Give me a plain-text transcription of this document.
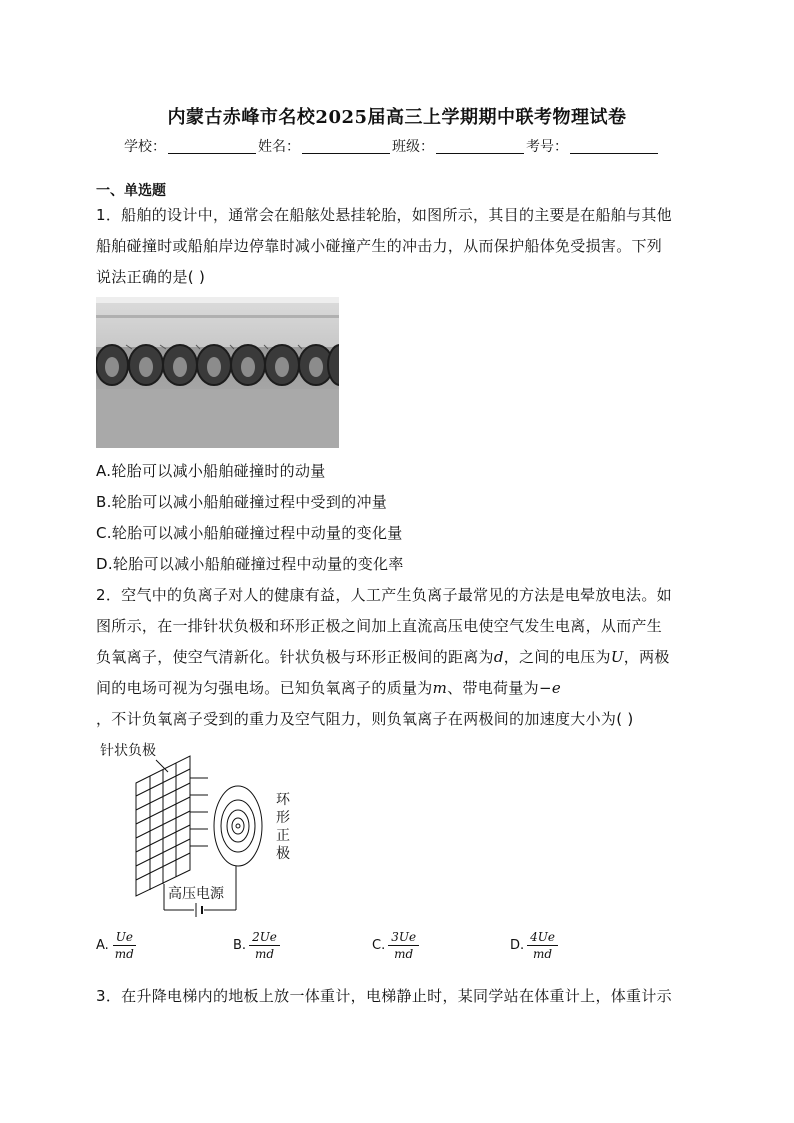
内蒙古赤峰市名校2025届高三上学期期中联考物理试卷
学校：	姓名：	班级：	考号：
一、单选题
1．船舶的设计中，通常会在船舷处悬挂轮胎，如图所示，其目的主要是在船舶与其他
船舶碰撞时或船舶岸边停靠时减小碰撞产生的冲击力，从而保护船体免受损害。下列
说法正确的是( )
A.轮胎可以减小船舶碰撞时的动量
B.轮胎可以减小船舶碰撞过程中受到的冲量
C.轮胎可以减小船舶碰撞过程中动量的变化量
D.轮胎可以减小船舶碰撞过程中动量的变化率
2．空气中的负离子对人的健康有益，人工产生负离子最常见的方法是电晕放电法。如
图所示，在一排针状负极和环形正极之间加上直流高压电使空气发生电离，从而产生
负氧离子，使空气清新化。针状负极与环形正极间的距离为d，之间的电压为U，两极
间的电场可视为匀强电场。已知负氧离子的质量为m、带电荷量为−e
，不计负氧离子受到的重力及空气阻力，则负氧离子在两极间的加速度大小为( )
针状负极
高压电源
环
形
正
极
A. $\frac{Ue}{md}$	B. $\frac{2Ue}{md}$	C. $\frac{3Ue}{md}$	D. $\frac{4Ue}{md}$
3．在升降电梯内的地板上放一体重计，电梯静止时，某同学站在体重计上，体重计示
